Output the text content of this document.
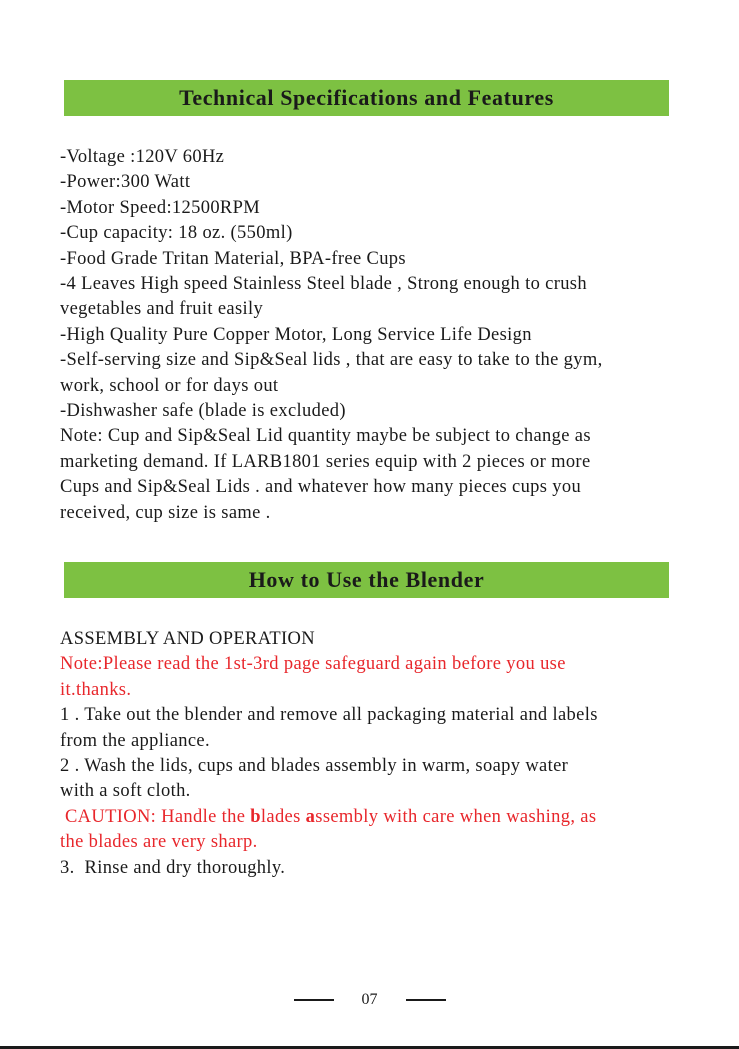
Technical Specifications and Features
-Voltage :120V 60Hz
-Power:300 Watt
-Motor Speed:12500RPM
-Cup capacity: 18 oz. (550ml)
-Food Grade Tritan Material, BPA-free Cups
-4 Leaves High speed Stainless Steel blade , Strong enough to crush
vegetables and fruit easily
-High Quality Pure Copper Motor, Long Service Life Design
-Self-serving size and Sip&Seal lids , that are easy to take to the gym,
work, school or for days out
-Dishwasher safe (blade is excluded)
Note: Cup and Sip&Seal Lid quantity maybe be subject to change as
marketing demand. If LARB1801 series equip with 2 pieces or more
Cups and Sip&Seal Lids . and whatever how many pieces cups you
received, cup size is same .
How to Use the Blender
ASSEMBLY AND OPERATION
Note:Please read the 1st-3rd page safeguard again before you use
it.thanks.
1 . Take out the blender and remove all packaging material and labels
from the appliance.
2 . Wash the lids, cups and blades assembly in warm, soapy water
with a soft cloth.
CAUTION: Handle the blades assembly with care when washing, as
the blades are very sharp.
3.  Rinse and dry thoroughly.
07
